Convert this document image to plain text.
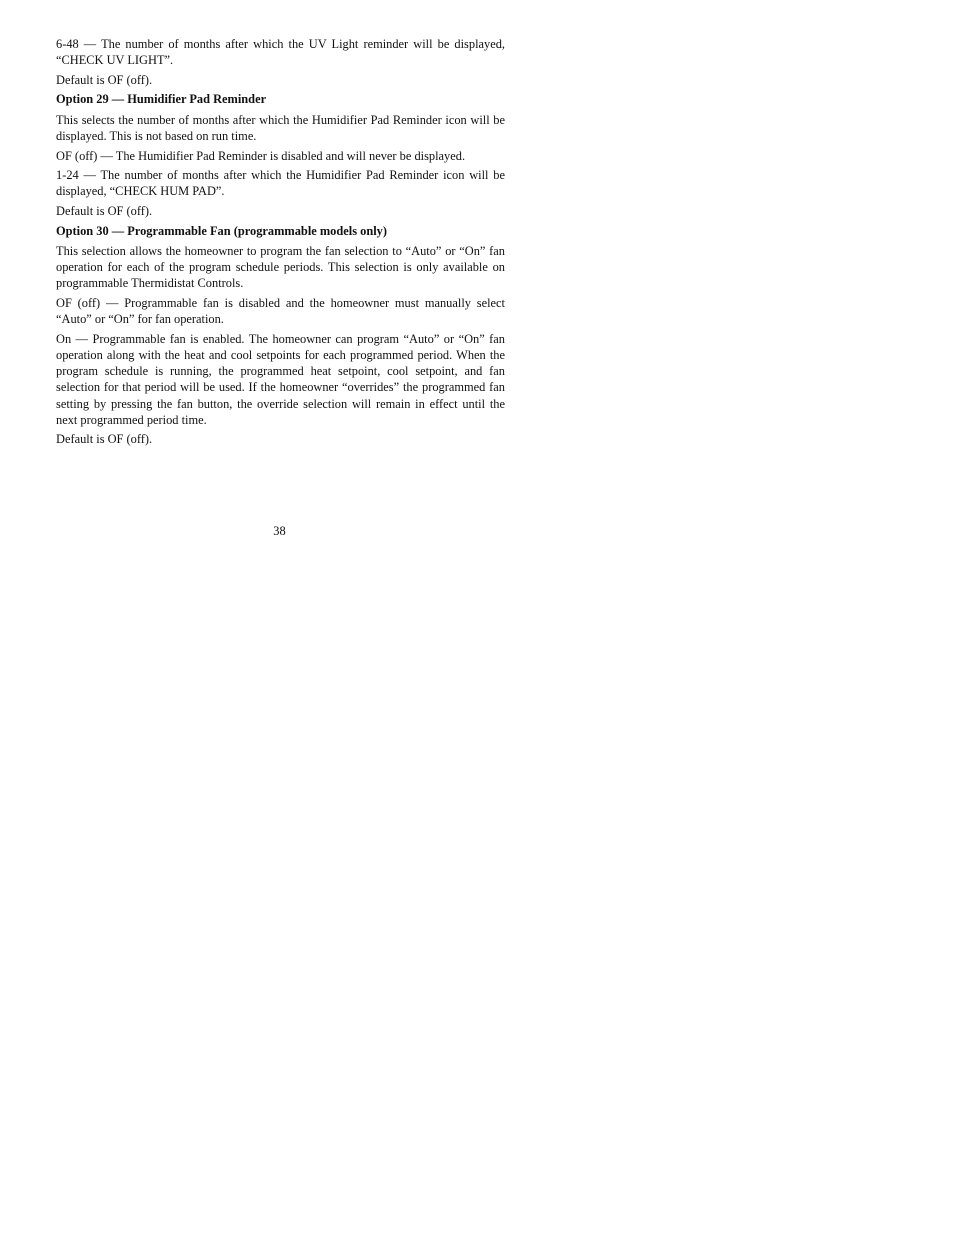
6-48 — The number of months after which the UV Light reminder will be displayed, “CHECK UV LIGHT”.

Default is OF (off).

Option 29 — Humidifier Pad Reminder

This selects the number of months after which the Humidifier Pad Reminder icon will be displayed. This is not based on run time.

OF (off) — The Humidifier Pad Reminder is disabled and will never be displayed.

1-24 — The number of months after which the Humidifier Pad Reminder icon will be displayed, “CHECK HUM PAD”.

Default is OF (off).

Option 30 — Programmable Fan (programmable models only)

This selection allows the homeowner to program the fan selection to “Auto” or “On” fan operation for each of the program schedule periods. This selection is only available on programmable Thermidistat Controls.

OF (off) — Programmable fan is disabled and the homeowner must manually select “Auto” or “On” for fan operation.

On — Programmable fan is enabled. The homeowner can program “Auto” or “On” fan operation along with the heat and cool setpoints for each programmed period. When the program schedule is running, the programmed heat setpoint, cool setpoint, and fan selection for that period will be used. If the homeowner “overrides” the programmed fan setting by pressing the fan button, the override selection will remain in effect until the next programmed period time.

Default is OF (off).

38
